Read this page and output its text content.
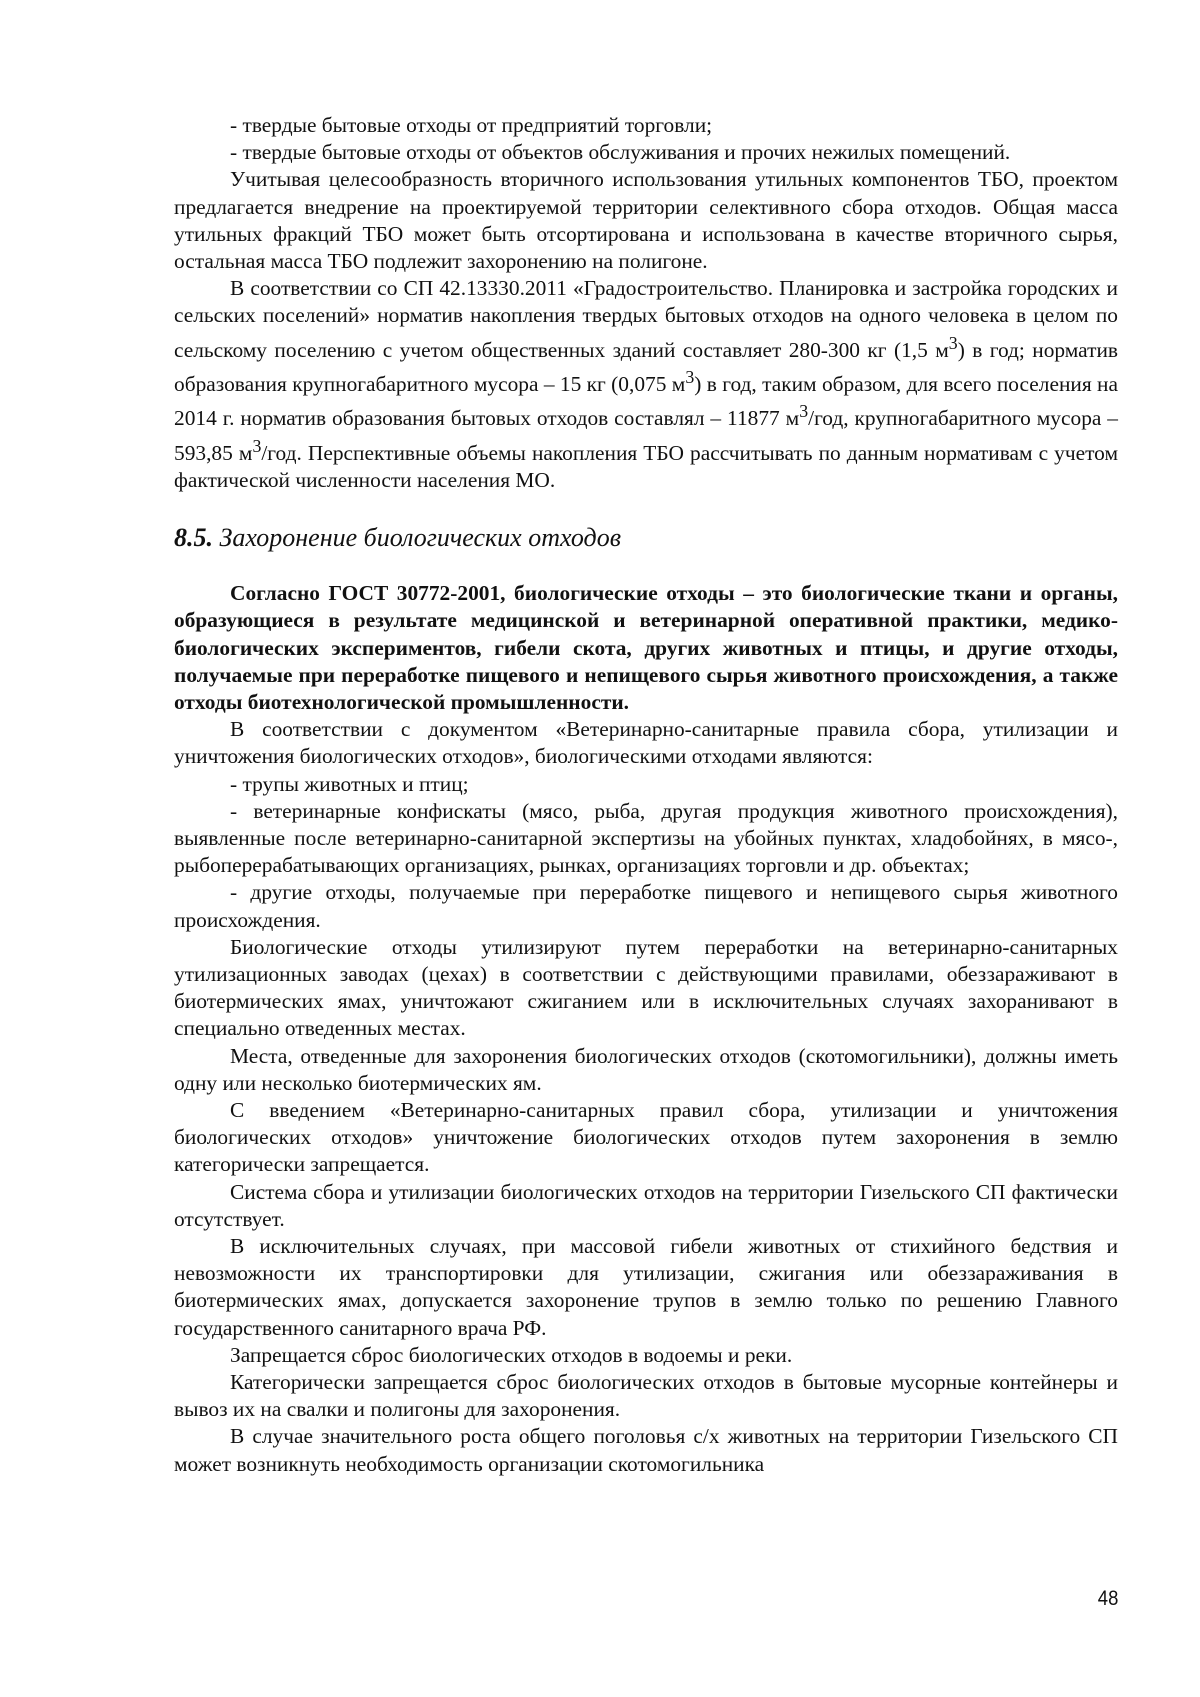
- твердые бытовые отходы от предприятий торговли;

- твердые бытовые отходы от объектов обслуживания и прочих нежилых помещений.

Учитывая целесообразность вторичного использования утильных компонентов ТБО, проектом предлагается внедрение на проектируемой территории селективного сбора отходов. Общая масса утильных фракций ТБО может быть отсортирована и использована в качестве вторичного сырья, остальная масса ТБО подлежит захоронению на полигоне.

В соответствии со СП 42.13330.2011 «Градостроительство. Планировка и застройка городских и сельских поселений» норматив накопления твердых бытовых отходов на одного человека в целом по сельскому поселению с учетом общественных зданий составляет 280-300 кг (1,5 $м^3$) в год; норматив образования крупногабаритного мусора – 15 кг (0,075 $м^3$) в год, таким образом, для всего поселения на 2014 г. норматив образования бытовых отходов составлял – 11877 $м^3$/год, крупногабаритного мусора – 593,85 $м^3$/год. Перспективные объемы накопления ТБО рассчитывать по данным нормативам с учетом фактической численности населения МО.

8.5. Захоронение биологических отходов

Согласно ГОСТ 30772-2001, биологические отходы – это биологические ткани и органы, образующиеся в результате медицинской и ветеринарной оперативной практики, медико-биологических экспериментов, гибели скота, других животных и птицы, и другие отходы, получаемые при переработке пищевого и непищевого сырья животного происхождения, а также отходы биотехнологической промышленности.

В соответствии с документом «Ветеринарно-санитарные правила сбора, утилизации и уничтожения биологических отходов», биологическими отходами являются:

- трупы животных и птиц;

- ветеринарные конфискаты (мясо, рыба, другая продукция животного происхождения), выявленные после ветеринарно-санитарной экспертизы на убойных пунктах, хладобойнях, в мясо-, рыбоперерабатывающих организациях, рынках, организациях торговли и др. объектах;

- другие отходы, получаемые при переработке пищевого и непищевого сырья животного происхождения.

Биологические отходы утилизируют путем переработки на ветеринарно-санитарных утилизационных заводах (цехах) в соответствии с действующими правилами, обеззараживают в биотермических ямах, уничтожают сжиганием или в исключительных случаях захоранивают в специально отведенных местах.

Места, отведенные для захоронения биологических отходов (скотомогильники), должны иметь одну или несколько биотермических ям.

С введением «Ветеринарно-санитарных правил сбора, утилизации и уничтожения биологических отходов» уничтожение биологических отходов путем захоронения в землю категорически запрещается.

Система сбора и утилизации биологических отходов на территории Гизельского СП фактически отсутствует.

В исключительных случаях, при массовой гибели животных от стихийного бедствия и невозможности их транспортировки для утилизации, сжигания или обеззараживания в биотермических ямах, допускается захоронение трупов в землю только по решению Главного государственного санитарного врача РФ.

Запрещается сброс биологических отходов в водоемы и реки.

Категорически запрещается сброс биологических отходов в бытовые мусорные контейнеры и вывоз их на свалки и полигоны для захоронения.

В случае значительного роста общего поголовья с/х животных на территории Гизельского СП может возникнуть необходимость организации скотомогильника

48
